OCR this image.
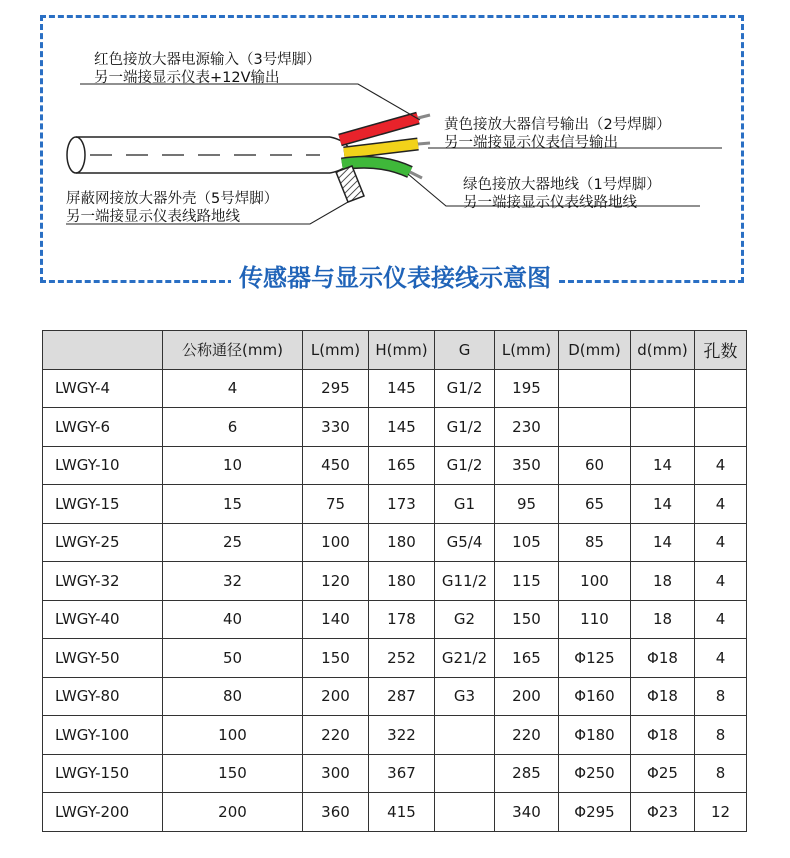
红色接放大器电源输入（3号焊脚）
另一端接显示仪表+12V输出
黄色接放大器信号输出（2号焊脚）
另一端接显示仪表信号输出
绿色接放大器地线（1号焊脚）
另一端接显示仪表线路地线
屏蔽网接放大器外壳（5号焊脚）
另一端接显示仪表线路地线
传感器与显示仪表接线示意图
	公称通径(mm)	L(mm)	H(mm)	G	L(mm)	D(mm)	d(mm)	孔数
LWGY-4	4	295	145	G1/2	195			
LWGY-6	6	330	145	G1/2	230			
LWGY-10	10	450	165	G1/2	350	60	14	4
LWGY-15	15	75	173	G1	95	65	14	4
LWGY-25	25	100	180	G5/4	105	85	14	4
LWGY-32	32	120	180	G11/2	115	100	18	4
LWGY-40	40	140	178	G2	150	110	18	4
LWGY-50	50	150	252	G21/2	165	Φ125	Φ18	4
LWGY-80	80	200	287	G3	200	Φ160	Φ18	8
LWGY-100	100	220	322		220	Φ180	Φ18	8
LWGY-150	150	300	367		285	Φ250	Φ25	8
LWGY-200	200	360	415		340	Φ295	Φ23	12
